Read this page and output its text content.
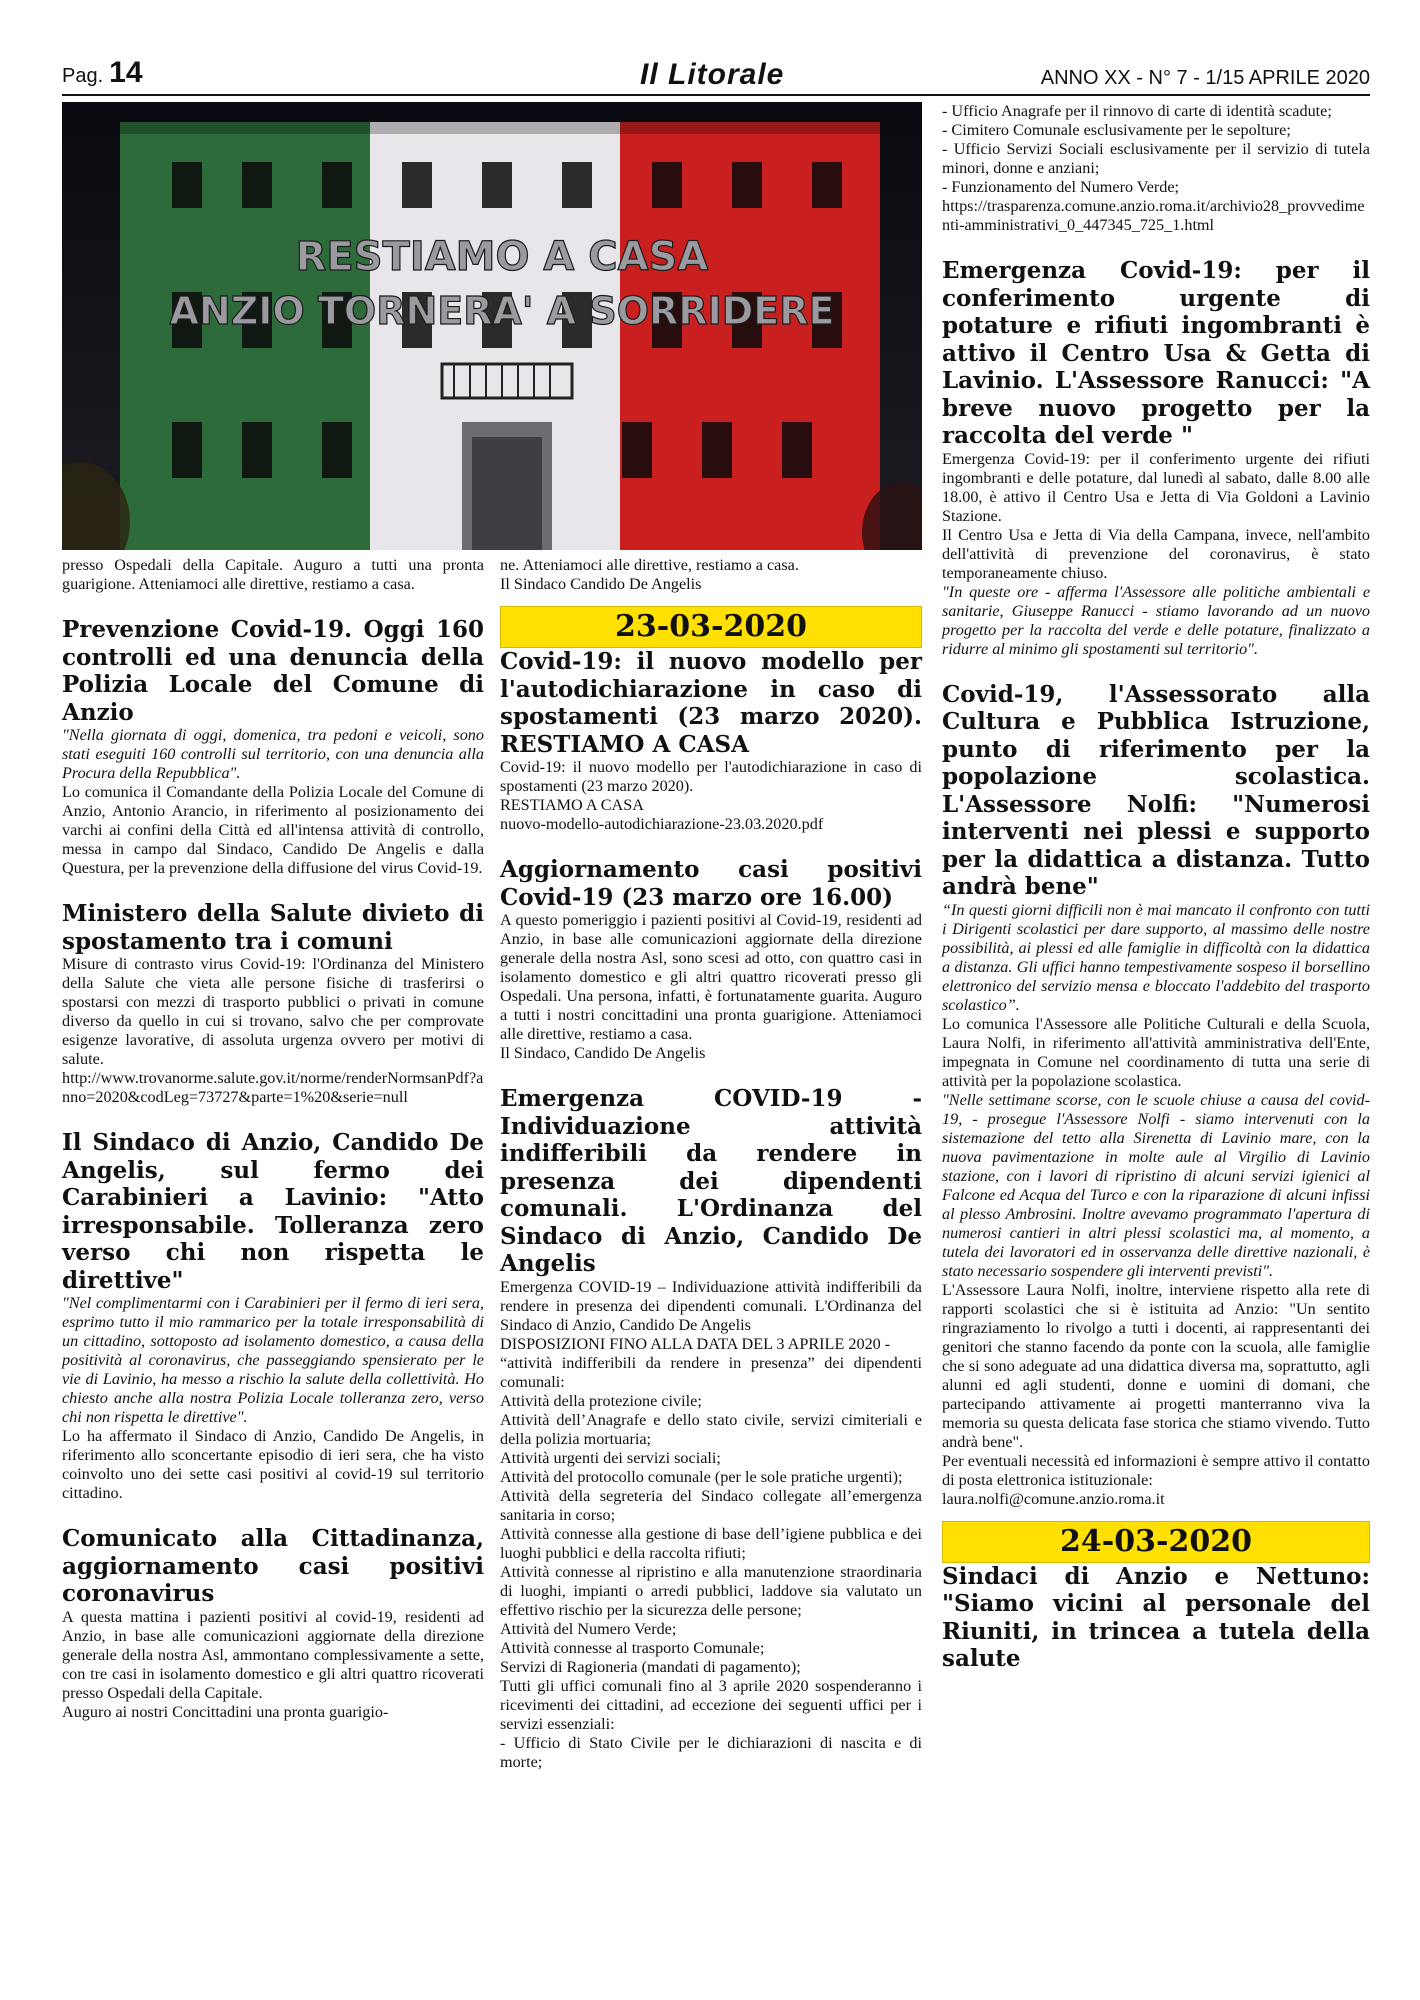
Pag. 14	Il Litorale	ANNO XX - N° 7 - 1/15 APRILE 2020
RESTIAMO A CASA
ANZIO TORNERA' A SORRIDERE

presso Ospedali della Capitale. Auguro a tutti una pronta guarigione. Atteniamoci alle direttive, restiamo a casa.

Prevenzione Covid-19. Oggi 160 controlli ed una denuncia della Polizia Locale del Comune di Anzio

"Nella giornata di oggi, domenica, tra pedoni e veicoli, sono stati eseguiti 160 controlli sul territorio, con una denuncia alla Procura della Repubblica".

Lo comunica il Comandante della Polizia Locale del Comune di Anzio, Antonio Arancio, in riferimento al posizionamento dei varchi ai confini della Città ed all'intensa attività di controllo, messa in campo dal Sindaco, Candido De Angelis e dalla Questura, per la prevenzione della diffusione del virus Covid-19.

Ministero della Salute divieto di spostamento tra i comuni

Misure di contrasto virus Covid-19: l'Ordinanza del Ministero della Salute che vieta alle persone fisiche di trasferirsi o spostarsi con mezzi di trasporto pubblici o privati in comune diverso da quello in cui si trovano, salvo che per comprovate esigenze lavorative, di assoluta urgenza ovvero per motivi di salute.

http://www.trovanorme.salute.gov.it/norme/renderNormsanPdf?anno=2020&codLeg=73727&parte=1%20&serie=null

Il Sindaco di Anzio, Candido De Angelis, sul fermo dei Carabinieri a Lavinio: "Atto irresponsabile. Tolleranza zero verso chi non rispetta le direttive"

"Nel complimentarmi con i Carabinieri per il fermo di ieri sera, esprimo tutto il mio rammarico per la totale irresponsabilità di un cittadino, sottoposto ad isolamento domestico, a causa della positività al coronavirus, che passeggiando spensierato per le vie di Lavinio, ha messo a rischio la salute della collettività. Ho chiesto anche alla nostra Polizia Locale tolleranza zero, verso chi non rispetta le direttive".

Lo ha affermato il Sindaco di Anzio, Candido De Angelis, in riferimento allo sconcertante episodio di ieri sera, che ha visto coinvolto uno dei sette casi positivi al covid-19 sul territorio cittadino.

Comunicato alla Cittadinanza, aggiornamento casi positivi coronavirus

A questa mattina i pazienti positivi al covid-19, residenti ad Anzio, in base alle comunicazioni aggiornate della direzione generale della nostra Asl, ammontano complessivamente a sette, con tre casi in isolamento domestico e gli altri quattro ricoverati presso Ospedali della Capitale.

Auguro ai nostri Concittadini una pronta guarigio-

ne. Atteniamoci alle direttive, restiamo a casa.

Il Sindaco Candido De Angelis

23-03-2020
Covid-19: il nuovo modello per l'autodichiarazione in caso di spostamenti (23 marzo 2020). RESTIAMO A CASA

Covid-19: il nuovo modello per l'autodichiarazione in caso di spostamenti (23 marzo 2020).

RESTIAMO A CASA

nuovo-modello-autodichiarazione-23.03.2020.pdf

Aggiornamento casi positivi Covid-19 (23 marzo ore 16.00)

A questo pomeriggio i pazienti positivi al Covid-19, residenti ad Anzio, in base alle comunicazioni aggiornate della direzione generale della nostra Asl, sono scesi ad otto, con quattro casi in isolamento domestico e gli altri quattro ricoverati presso gli Ospedali. Una persona, infatti, è fortunatamente guarita. Auguro a tutti i nostri concittadini una pronta guarigione. Atteniamoci alle direttive, restiamo a casa.

Il Sindaco, Candido De Angelis

Emergenza COVID-19 - Individuazione attività indifferibili da rendere in presenza dei dipendenti comunali. L'Ordinanza del Sindaco di Anzio, Candido De Angelis

Emergenza COVID-19 – Individuazione attività indifferibili da rendere in presenza dei dipendenti comunali. L'Ordinanza del Sindaco di Anzio, Candido De Angelis

DISPOSIZIONI FINO ALLA DATA DEL 3 APRILE 2020 -

“attività indifferibili da rendere in presenza” dei dipendenti comunali:

Attività della protezione civile;

Attività dell’Anagrafe e dello stato civile, servizi cimiteriali e della polizia mortuaria;

Attività urgenti dei servizi sociali;

Attività del protocollo comunale (per le sole pratiche urgenti);

Attività della segreteria del Sindaco collegate all’emergenza sanitaria in corso;

Attività connesse alla gestione di base dell’igiene pubblica e dei luoghi pubblici e della raccolta rifiuti;

Attività connesse al ripristino e alla manutenzione straordinaria di luoghi, impianti o arredi pubblici, laddove sia valutato un effettivo rischio per la sicurezza delle persone;

Attività del Numero Verde;

Attività connesse al trasporto Comunale;

Servizi di Ragioneria (mandati di pagamento);

Tutti gli uffici comunali fino al 3 aprile 2020 sospenderanno i ricevimenti dei cittadini, ad eccezione dei seguenti uffici per i servizi essenziali:

- Ufficio di Stato Civile per le dichiarazioni di nascita e di morte;

- Ufficio Anagrafe per il rinnovo di carte di identità scadute;

- Cimitero Comunale esclusivamente per le sepolture;

- Ufficio Servizi Sociali esclusivamente per il servizio di tutela minori, donne e anziani;

- Funzionamento del Numero Verde;

https://trasparenza.comune.anzio.roma.it/archivio28_provvedimenti-amministrativi_0_447345_725_1.html

Emergenza Covid-19: per il conferimento urgente di potature e rifiuti ingombranti è attivo il Centro Usa & Getta di Lavinio. L'Assessore Ranucci: "A breve nuovo progetto per la raccolta del verde "

Emergenza Covid-19: per il conferimento urgente dei rifiuti ingombranti e delle potature, dal lunedì al sabato, dalle 8.00 alle 18.00, è attivo il Centro Usa e Jetta di Via Goldoni a Lavinio Stazione.

Il Centro Usa e Jetta di Via della Campana, invece, nell'ambito dell'attività di prevenzione del coronavirus, è stato temporaneamente chiuso.

"In queste ore - afferma l'Assessore alle politiche ambientali e sanitarie, Giuseppe Ranucci - stiamo lavorando ad un nuovo progetto per la raccolta del verde e delle potature, finalizzato a ridurre al minimo gli spostamenti sul territorio".

Covid-19, l'Assessorato alla Cultura e Pubblica Istruzione, punto di riferimento per la popolazione scolastica. L'Assessore Nolfi: "Numerosi interventi nei plessi e supporto per la didattica a distanza. Tutto andrà bene"

“In questi giorni difficili non è mai mancato il confronto con tutti i Dirigenti scolastici per dare supporto, al massimo delle nostre possibilità, ai plessi ed alle famiglie in difficoltà con la didattica a distanza. Gli uffici hanno tempestivamente sospeso il borsellino elettronico del servizio mensa e bloccato l'addebito del trasporto scolastico”.

Lo comunica l'Assessore alle Politiche Culturali e della Scuola, Laura Nolfi, in riferimento all'attività amministrativa dell'Ente, impegnata in Comune nel coordinamento di tutta una serie di attività per la popolazione scolastica.

"Nelle settimane scorse, con le scuole chiuse a causa del covid-19, - prosegue l'Assessore Nolfi - siamo intervenuti con la sistemazione del tetto alla Sirenetta di Lavinio mare, con la nuova pavimentazione in molte aule al Virgilio di Lavinio stazione, con i lavori di ripristino di alcuni servizi igienici al Falcone ed Acqua del Turco e con la riparazione di alcuni infissi al plesso Ambrosini. Inoltre avevamo programmato l'apertura di numerosi cantieri in altri plessi scolastici ma, al momento, a tutela dei lavoratori ed in osservanza delle direttive nazionali, è stato necessario sospendere gli interventi previsti".

L'Assessore Laura Nolfi, inoltre, interviene rispetto alla rete di rapporti scolastici che si è istituita ad Anzio: "Un sentito ringraziamento lo rivolgo a tutti i docenti, ai rappresentanti dei genitori che stanno facendo da ponte con la scuola, alle famiglie che si sono adeguate ad una didattica diversa ma, soprattutto, agli alunni ed agli studenti, donne e uomini di domani, che partecipando attivamente ai progetti manterranno viva la memoria su questa delicata fase storica che stiamo vivendo. Tutto andrà bene".

Per eventuali necessità ed informazioni è sempre attivo il contatto di posta elettronica istituzionale:

laura.nolfi@comune.anzio.roma.it

24-03-2020
Sindaci di Anzio e Nettuno: "Siamo vicini al personale del Riuniti, in trincea a tutela della salute
